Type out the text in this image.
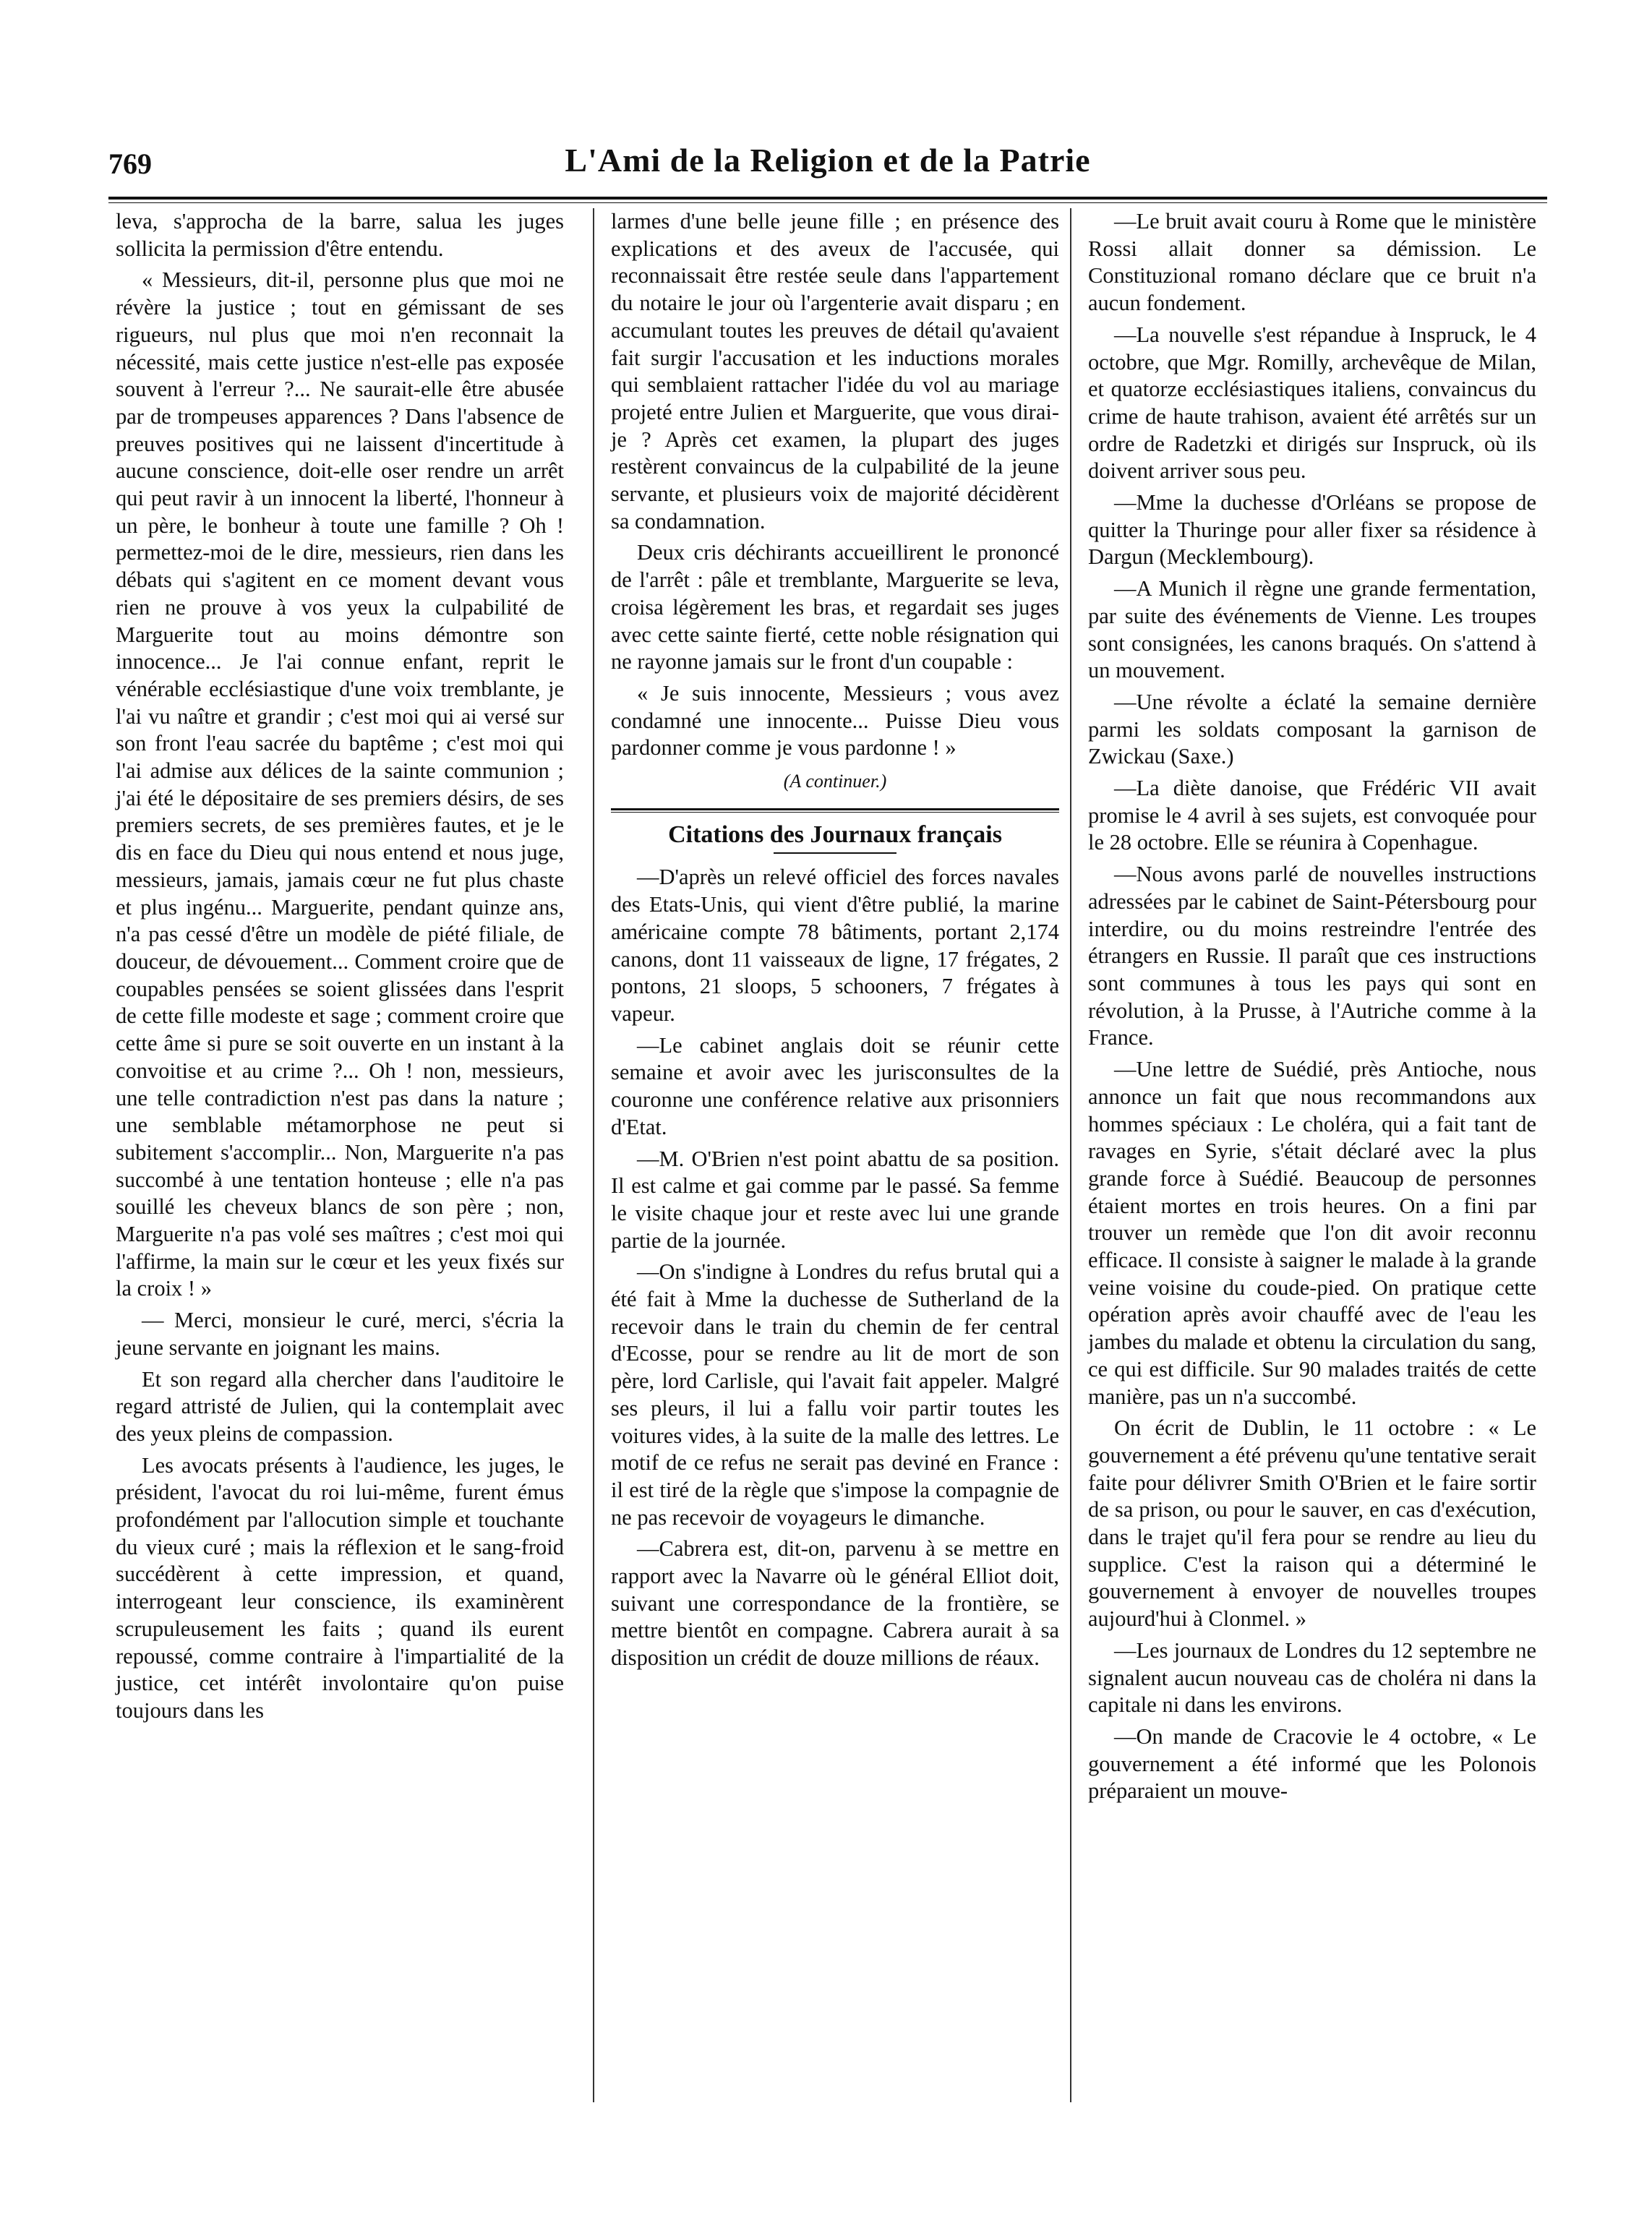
769	L'Ami de la Religion et de la Patrie

leva, s'approcha de la barre, salua les juges sollicita la permission d'être entendu.

« Messieurs, dit-il, personne plus que moi ne révère la justice ; tout en gémissant de ses rigueurs, nul plus que moi n'en reconnait la nécessité, mais cette justice n'est-elle pas exposée souvent à l'erreur ?... Ne saurait-elle être abusée par de trompeuses apparences ? Dans l'absence de preuves positives qui ne laissent d'incertitude à aucune conscience, doit-elle oser rendre un arrêt qui peut ravir à un innocent la liberté, l'honneur à un père, le bonheur à toute une famille ? Oh ! permettez-moi de le dire, messieurs, rien dans les débats qui s'agitent en ce moment devant vous rien ne prouve à vos yeux la culpabilité de Marguerite tout au moins démontre son innocence... Je l'ai connue enfant, reprit le vénérable ecclésiastique d'une voix tremblante, je l'ai vu naître et grandir ; c'est moi qui ai versé sur son front l'eau sacrée du baptême ; c'est moi qui l'ai admise aux délices de la sainte communion ; j'ai été le dépositaire de ses premiers désirs, de ses premiers secrets, de ses premières fautes, et je le dis en face du Dieu qui nous entend et nous juge, messieurs, jamais, jamais cœur ne fut plus chaste et plus ingénu... Marguerite, pendant quinze ans, n'a pas cessé d'être un modèle de piété filiale, de douceur, de dévouement... Comment croire que de coupables pensées se soient glissées dans l'esprit de cette fille modeste et sage ; comment croire que cette âme si pure se soit ouverte en un instant à la convoitise et au crime ?... Oh ! non, messieurs, une telle contradiction n'est pas dans la nature ; une semblable métamorphose ne peut si subitement s'accomplir... Non, Marguerite n'a pas succombé à une tentation honteuse ; elle n'a pas souillé les cheveux blancs de son père ; non, Marguerite n'a pas volé ses maîtres ; c'est moi qui l'affirme, la main sur le cœur et les yeux fixés sur la croix ! »

— Merci, monsieur le curé, merci, s'écria la jeune servante en joignant les mains.

Et son regard alla chercher dans l'auditoire le regard attristé de Julien, qui la contemplait avec des yeux pleins de compassion.

Les avocats présents à l'audience, les juges, le président, l'avocat du roi lui-même, furent émus profondément par l'allocution simple et touchante du vieux curé ; mais la réflexion et le sang-froid succédèrent à cette impression, et quand, interrogeant leur conscience, ils examinèrent scrupuleusement les faits ; quand ils eurent repoussé, comme contraire à l'impartialité de la justice, cet intérêt involontaire qu'on puise toujours dans les

larmes d'une belle jeune fille ; en présence des explications et des aveux de l'accusée, qui reconnaissait être restée seule dans l'appartement du notaire le jour où l'argenterie avait disparu ; en accumulant toutes les preuves de détail qu'avaient fait surgir l'accusation et les inductions morales qui semblaient rattacher l'idée du vol au mariage projeté entre Julien et Marguerite, que vous dirai-je ? Après cet examen, la plupart des juges restèrent convaincus de la culpabilité de la jeune servante, et plusieurs voix de majorité décidèrent sa condamnation.

Deux cris déchirants accueillirent le prononcé de l'arrêt : pâle et tremblante, Marguerite se leva, croisa légèrement les bras, et regardait ses juges avec cette sainte fierté, cette noble résignation qui ne rayonne jamais sur le front d'un coupable :

« Je suis innocente, Messieurs ; vous avez condamné une innocente... Puisse Dieu vous pardonner comme je vous pardonne ! »

(A continuer.)
Citations des Journaux français

—D'après un relevé officiel des forces navales des Etats-Unis, qui vient d'être publié, la marine américaine compte 78 bâtiments, portant 2,174 canons, dont 11 vaisseaux de ligne, 17 frégates, 2 pontons, 21 sloops, 5 schooners, 7 frégates à vapeur.

—Le cabinet anglais doit se réunir cette semaine et avoir avec les jurisconsultes de la couronne une conférence relative aux prisonniers d'Etat.

—M. O'Brien n'est point abattu de sa position. Il est calme et gai comme par le passé. Sa femme le visite chaque jour et reste avec lui une grande partie de la journée.

—On s'indigne à Londres du refus brutal qui a été fait à Mme la duchesse de Sutherland de la recevoir dans le train du chemin de fer central d'Ecosse, pour se rendre au lit de mort de son père, lord Carlisle, qui l'avait fait appeler. Malgré ses pleurs, il lui a fallu voir partir toutes les voitures vides, à la suite de la malle des lettres. Le motif de ce refus ne serait pas deviné en France : il est tiré de la règle que s'impose la compagnie de ne pas recevoir de voyageurs le dimanche.

—Cabrera est, dit-on, parvenu à se mettre en rapport avec la Navarre où le général Elliot doit, suivant une correspondance de la frontière, se mettre bientôt en compagne. Cabrera aurait à sa disposition un crédit de douze millions de réaux.

—Le bruit avait couru à Rome que le ministère Rossi allait donner sa démission. Le Constituzional romano déclare que ce bruit n'a aucun fondement.

—La nouvelle s'est répandue à Inspruck, le 4 octobre, que Mgr. Romilly, archevêque de Milan, et quatorze ecclésiastiques italiens, convaincus du crime de haute trahison, avaient été arrêtés sur un ordre de Radetzki et dirigés sur Inspruck, où ils doivent arriver sous peu.

—Mme la duchesse d'Orléans se propose de quitter la Thuringe pour aller fixer sa résidence à Dargun (Mecklembourg).

—A Munich il règne une grande fermentation, par suite des événements de Vienne. Les troupes sont consignées, les canons braqués. On s'attend à un mouvement.

—Une révolte a éclaté la semaine dernière parmi les soldats composant la garnison de Zwickau (Saxe.)

—La diète danoise, que Frédéric VII avait promise le 4 avril à ses sujets, est convoquée pour le 28 octobre. Elle se réunira à Copenhague.

—Nous avons parlé de nouvelles instructions adressées par le cabinet de Saint-Pétersbourg pour interdire, ou du moins restreindre l'entrée des étrangers en Russie. Il paraît que ces instructions sont communes à tous les pays qui sont en révolution, à la Prusse, à l'Autriche comme à la France.

—Une lettre de Suédié, près Antioche, nous annonce un fait que nous recommandons aux hommes spéciaux : Le choléra, qui a fait tant de ravages en Syrie, s'était déclaré avec la plus grande force à Suédié. Beaucoup de personnes étaient mortes en trois heures. On a fini par trouver un remède que l'on dit avoir reconnu efficace. Il consiste à saigner le malade à la grande veine voisine du coude-pied. On pratique cette opération après avoir chauffé avec de l'eau les jambes du malade et obtenu la circulation du sang, ce qui est difficile. Sur 90 malades traités de cette manière, pas un n'a succombé.

On écrit de Dublin, le 11 octobre : « Le gouvernement a été prévenu qu'une tentative serait faite pour délivrer Smith O'Brien et le faire sortir de sa prison, ou pour le sauver, en cas d'exécution, dans le trajet qu'il fera pour se rendre au lieu du supplice. C'est la raison qui a déterminé le gouvernement à envoyer de nouvelles troupes aujourd'hui à Clonmel. »

—Les journaux de Londres du 12 septembre ne signalent aucun nouveau cas de choléra ni dans la capitale ni dans les environs.

—On mande de Cracovie le 4 octobre, « Le gouvernement a été informé que les Polonois préparaient un mouve-
